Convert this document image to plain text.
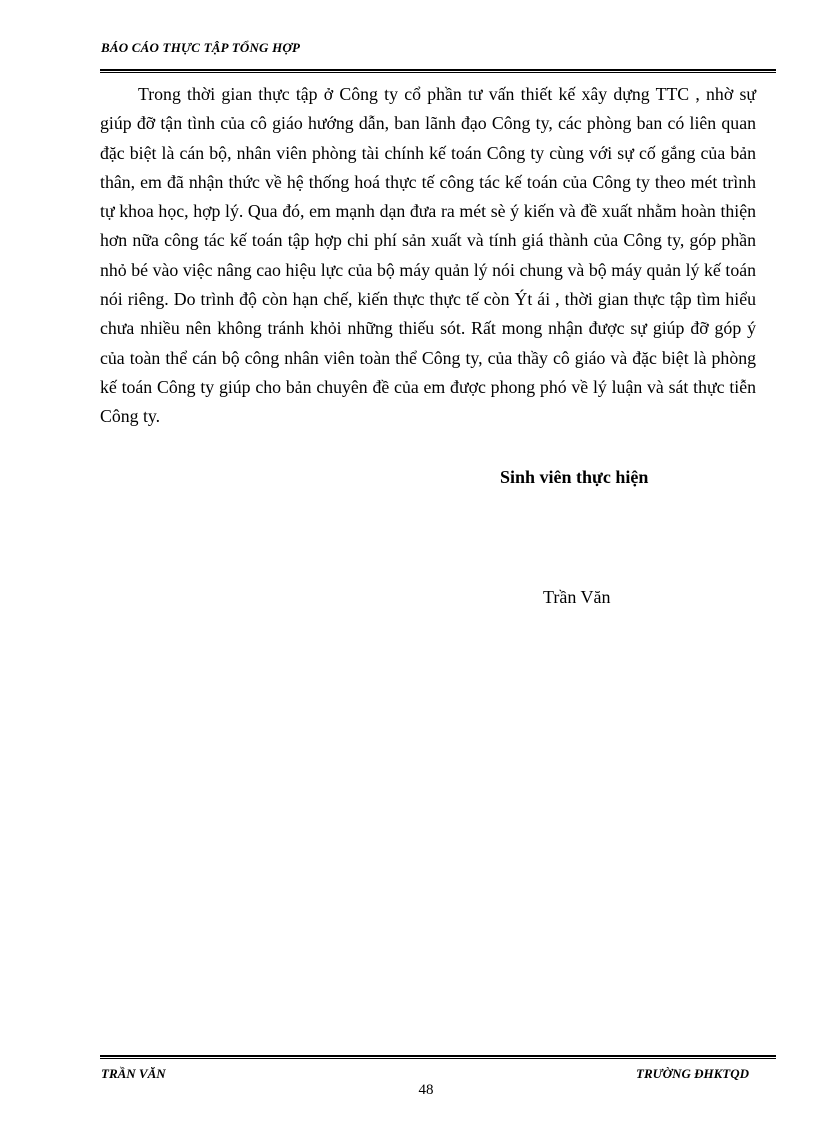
BÁO CÁO THỰC TẬP TỔNG HỢP

Trong thời gian thực tập ở Công ty cổ phần tư vấn thiết kế xây dựng TTC , nhờ sự giúp đỡ tận tình của cô giáo hướng dẫn, ban lãnh đạo Công ty, các phòng ban có liên quan đặc biệt là cán bộ, nhân viên phòng tài chính kế toán Công ty cùng với sự cố gắng của bản thân, em đã nhận thức về hệ thống hoá thực tế công tác kế toán của Công ty theo mét trình tự khoa học, hợp lý. Qua đó, em mạnh dạn đưa ra mét sè ý kiến và đề xuất nhằm hoàn thiện hơn nữa công tác kế toán tập hợp chi phí sản xuất và tính giá thành của Công ty, góp phần nhỏ bé vào việc nâng cao hiệu lực của bộ máy quản lý nói chung và bộ máy quản lý kế toán nói riêng. Do trình độ còn hạn chế, kiến thực thực tế còn Ýt ái , thời gian thực tập tìm hiểu chưa nhiều nên không tránh khỏi những thiếu sót. Rất mong nhận được sự giúp đỡ góp ý của toàn thể cán bộ công nhân viên toàn thể Công ty, của thầy cô giáo và đặc biệt là phòng kế toán Công ty giúp cho bản chuyên đề của em được phong phó về lý luận và sát thực tiễn Công ty.

Sinh viên thực hiện
Trần Văn
TRẦN VĂN	TRƯỜNG ĐHKTQD
48
